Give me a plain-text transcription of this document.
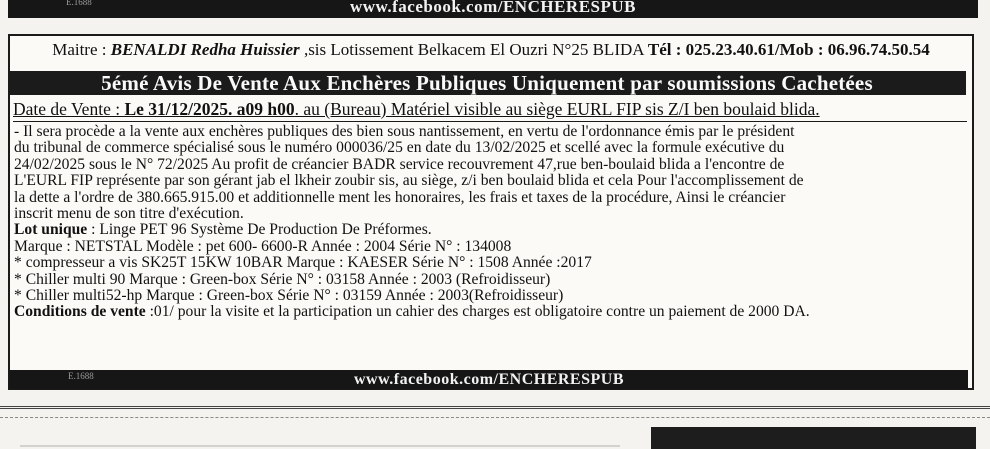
E.1688	www.facebook.com/ENCHERESPUB
Maitre : BENALDI Redha Huissier ,sis Lotissement Belkacem El Ouzri N°25 BLIDA Tél : 025.23.40.61/Mob : 06.96.74.50.54
5émé Avis De Vente Aux Enchères Publiques Uniquement par soumissions Cachetées
Date de Vente : Le 31/12/2025. a09 h00. au (Bureau) Matériel visible au siège EURL FIP sis Z/I ben boulaid blida.
- Il sera procède a la vente aux enchères publiques des bien sous nantissement, en vertu de l'ordonnance émis par le président
du tribunal de commerce spécialisé sous le numéro 000036/25 en date du 13/02/2025 et scellé avec la formule exécutive du
24/02/2025 sous le N° 72/2025 Au profit de créancier BADR service recouvrement 47,rue ben-boulaid blida a l'encontre de
L'EURL FIP représente par son gérant jab el lkheir zoubir sis, au siège, z/i ben boulaid blida et cela Pour l'accomplissement de
la dette a l'ordre de 380.665.915.00 et additionnelle ment les honoraires, les frais et taxes de la procédure, Ainsi le créancier
inscrit menu de son titre d'exécution.
Lot unique : Linge PET 96 Système De Production De Préformes.
Marque : NETSTAL Modèle : pet 600- 6600-R Année : 2004 Série N° : 134008
* compresseur a vis SK25T 15KW 10BAR Marque : KAESER Série N° : 1508 Année :2017
* Chiller multi 90 Marque : Green-box Série N° : 03158 Année : 2003 (Refroidisseur)
* Chiller multi52-hp Marque : Green-box Série N° : 03159 Année : 2003(Refroidisseur)
Conditions de vente :01/ pour la visite et la participation un cahier des charges est obligatoire contre un paiement de 2000 DA.
E.1688	www.facebook.com/ENCHERESPUB
